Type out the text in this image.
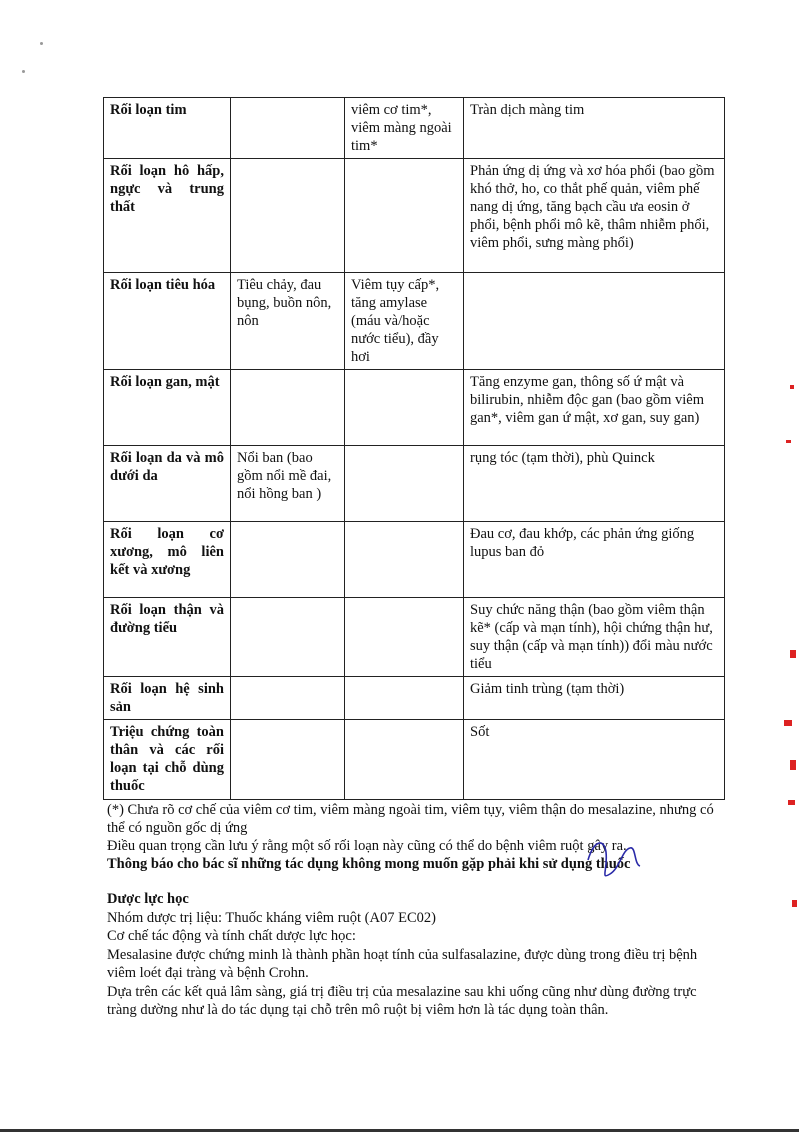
Rối loạn tim		viêm cơ tim*, viêm màng ngoài tim*	Tràn dịch màng tim
Rối loạn hô hấp, ngực và trung thất			Phản ứng dị ứng và xơ hóa phổi (bao gồm khó thở, ho, co thắt phế quản, viêm phế nang dị ứng, tăng bạch cầu ưa eosin ở phổi, bệnh phổi mô kẽ, thâm nhiễm phổi, viêm phổi, sưng màng phổi)
Rối loạn tiêu hóa	Tiêu chảy, đau bụng, buồn nôn, nôn	Viêm tụy cấp*, tăng amylase (máu và/hoặc nước tiểu), đầy hơi	
Rối loạn gan, mật			Tăng enzyme gan, thông số ứ mật và bilirubin, nhiễm độc gan (bao gồm viêm gan*, viêm gan ứ mật, xơ gan, suy gan)
Rối loạn da và mô dưới da	Nổi ban (bao gồm nổi mề đai, nổi hồng ban )		rụng tóc (tạm thời), phù Quinck
Rối loạn cơ xương, mô liên kết và xương			Đau cơ, đau khớp, các phản ứng giống lupus ban đỏ
Rối loạn thận và đường tiểu			Suy chức năng thận (bao gồm viêm thận kẽ* (cấp và mạn tính), hội chứng thận hư, suy thận (cấp và mạn tính)) đổi màu nước tiểu
Rối loạn hệ sinh sản			Giảm tinh trùng (tạm thời)
Triệu chứng toàn thân và các rối loạn tại chỗ dùng thuốc			Sốt

(*) Chưa rõ cơ chế của viêm cơ tim, viêm màng ngoài tim, viêm tụy, viêm thận do mesalazine, nhưng có thể có nguồn gốc dị ứng

Điều quan trọng cần lưu ý rằng một số rối loạn này cũng có thể do bệnh viêm ruột gây ra.

Thông báo cho bác sĩ những tác dụng không mong muốn gặp phải khi sử dụng thuốc

Dược lực học

Nhóm dược trị liệu: Thuốc kháng viêm ruột (A07 EC02)

Cơ chế tác động và tính chất dược lực học:

Mesalasine được chứng minh là thành phần hoạt tính của sulfasalazine, được dùng trong điều trị bệnh viêm loét đại tràng và bệnh Crohn.

Dựa trên các kết quả lâm sàng, giá trị điều trị của mesalazine sau khi uống cũng như dùng đường trực tràng dường như là do tác dụng tại chỗ trên mô ruột bị viêm hơn là tác dụng toàn thân.
